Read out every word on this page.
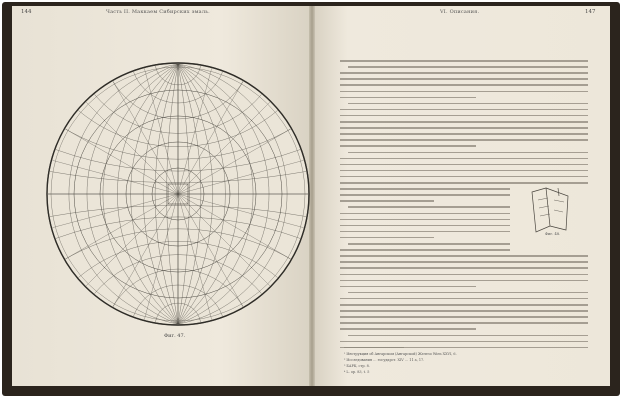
144	Часть II. Маккаем Сибирских эмаль.
Фиг. 47.
VI. Описания.	147
Фиг. 48.
¹ Инструкция об Ангарском (Ангарской) Железо Wien XXVI, 6.
² Исследования … государст. XIV … 11 a, 17.
³ БАРК, стр. 8.
⁴ L. op. 83, t. 5
